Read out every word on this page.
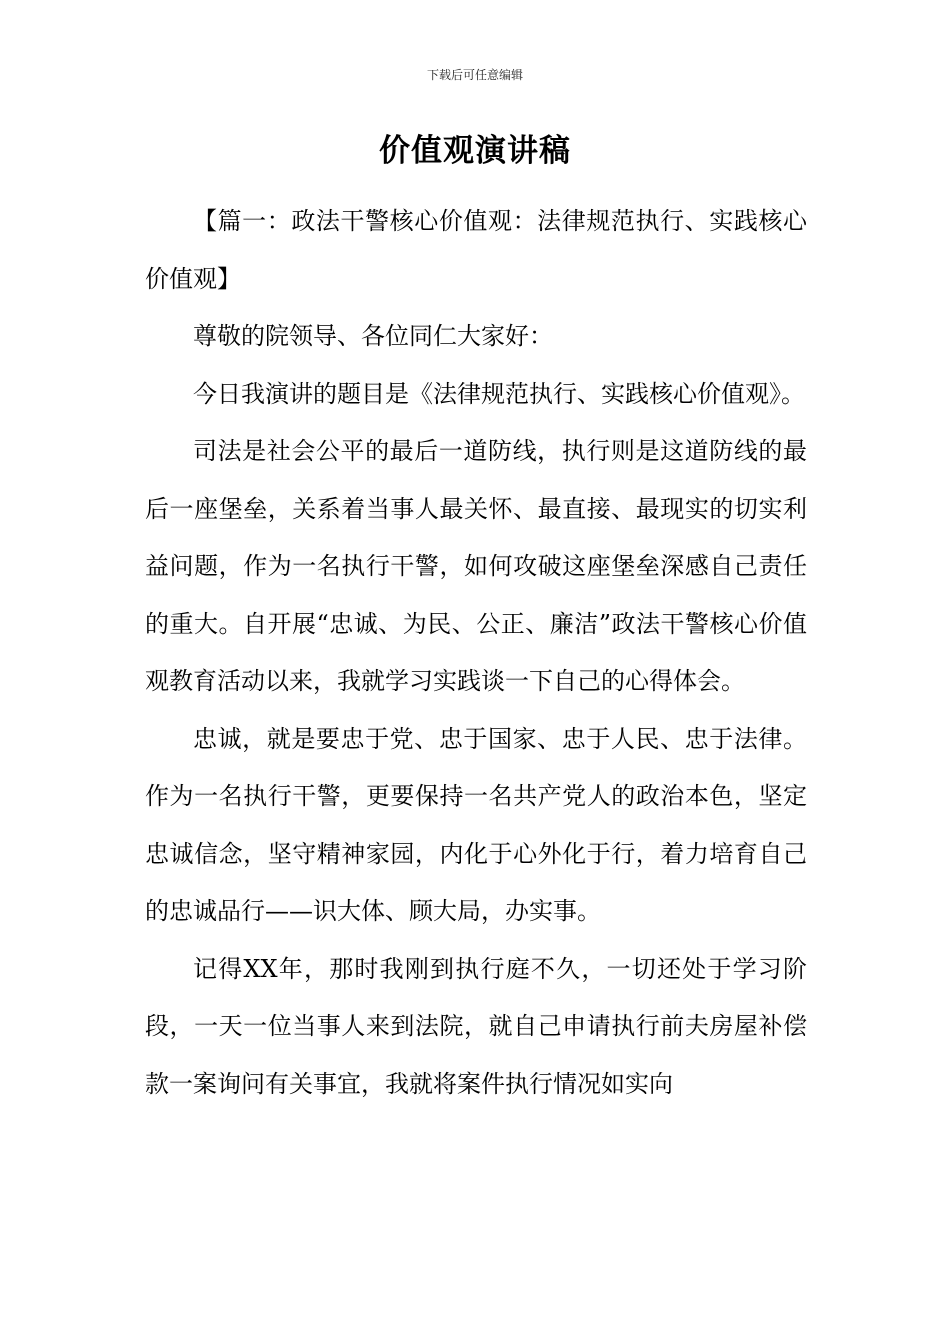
下载后可任意编辑
价值观演讲稿

【篇一：政法干警核心价值观：法律规范执行、实践核心价值观】

尊敬的院领导、各位同仁大家好：

今日我演讲的题目是《法律规范执行、实践核心价值观》。

司法是社会公平的最后一道防线，执行则是这道防线的最后一座堡垒，关系着当事人最关怀、最直接、最现实的切实利益问题，作为一名执行干警，如何攻破这座堡垒深感自己责任的重大。自开展“忠诚、为民、公正、廉洁”政法干警核心价值观教育活动以来，我就学习实践谈一下自己的心得体会。

忠诚，就是要忠于党、忠于国家、忠于人民、忠于法律。作为一名执行干警，更要保持一名共产党人的政治本色，坚定忠诚信念，坚守精神家园，内化于心外化于行，着力培育自己的忠诚品行——识大体、顾大局，办实事。

记得XX年，那时我刚到执行庭不久，一切还处于学习阶段，一天一位当事人来到法院，就自己申请执行前夫房屋补偿款一案询问有关事宜，我就将案件执行情况如实向
